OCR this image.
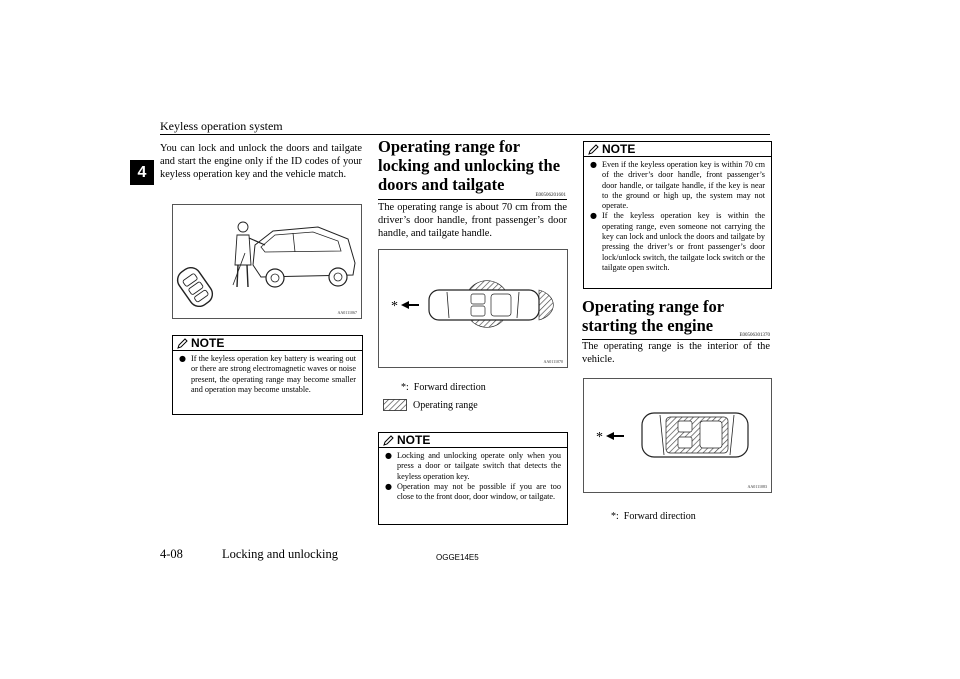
Keyless operation system
4
You can lock and unlock the doors and tailgate and start the engine only if the ID codes of your keyless operation key and the vehicle match.
AA0111067
NOTE
● If the keyless operation key battery is wearing out or there are strong electromagnetic waves or noise present, the operating range may become smaller and operation may become unstable.
Operating range for locking and unlocking the doors and tailgate
E00506201601
The operating range is about 70 cm from the driver’s door handle, front passenger’s door handle, and tailgate handle.
*
AA0111070
*: Forward direction
Operating range
NOTE
● Locking and unlocking operate only when you press a door or tailgate switch that detects the keyless operation key.
● Operation may not be possible if you are too close to the front door, door window, or tailgate.
NOTE
● Even if the keyless operation key is within 70 cm of the driver’s door handle, front passenger’s door handle, or tailgate handle, if the key is near to the ground or high up, the system may not operate.
● If the keyless operation key is within the operating range, even someone not carrying the key can lock and unlock the doors and tailgate by pressing the driver’s or front passenger’s door lock/unlock switch, the tailgate lock switch or the tailgate open switch.
Operating range for starting the engine
E00506301370
The operating range is the interior of the vehicle.
*
AA0111083
*: Forward direction
4-08	Locking and unlocking	OGGE14E5
